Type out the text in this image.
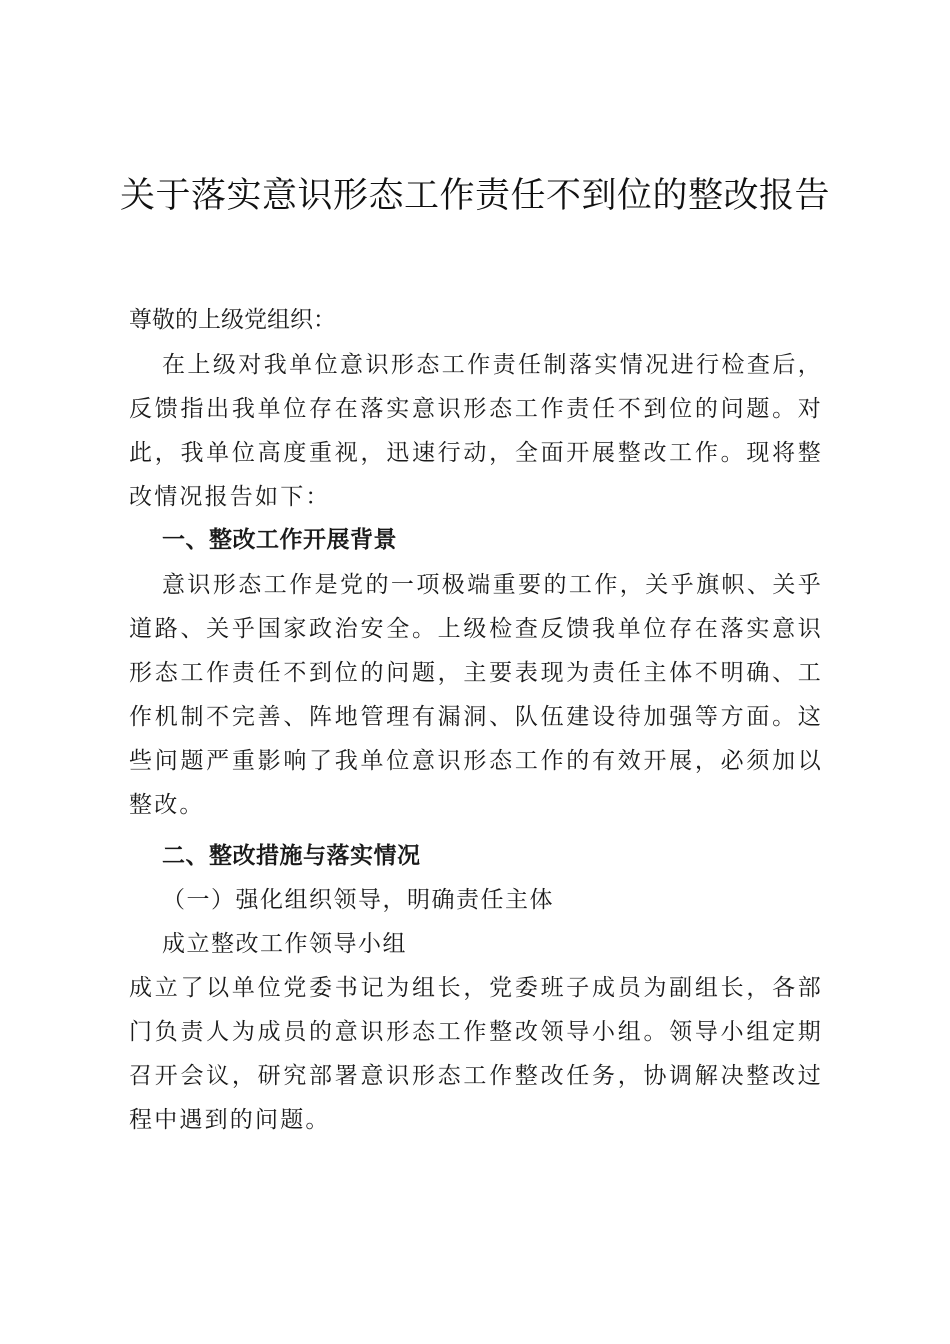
关于落实意识形态工作责任不到位的整改报告
尊敬的上级党组织：
在上级对我单位意识形态工作责任制落实情况进行检查后，反馈指出我单位存在落实意识形态工作责任不到位的问题。对此，我单位高度重视，迅速行动，全面开展整改工作。现将整改情况报告如下：
一、整改工作开展背景
意识形态工作是党的一项极端重要的工作，关乎旗帜、关乎道路、关乎国家政治安全。上级检查反馈我单位存在落实意识形态工作责任不到位的问题，主要表现为责任主体不明确、工作机制不完善、阵地管理有漏洞、队伍建设待加强等方面。这些问题严重影响了我单位意识形态工作的有效开展，必须加以整改。
二、整改措施与落实情况
（一）强化组织领导，明确责任主体
成立整改工作领导小组
成立了以单位党委书记为组长，党委班子成员为副组长，各部门负责人为成员的意识形态工作整改领导小组。领导小组定期召开会议，研究部署意识形态工作整改任务，协调解决整改过程中遇到的问题。
